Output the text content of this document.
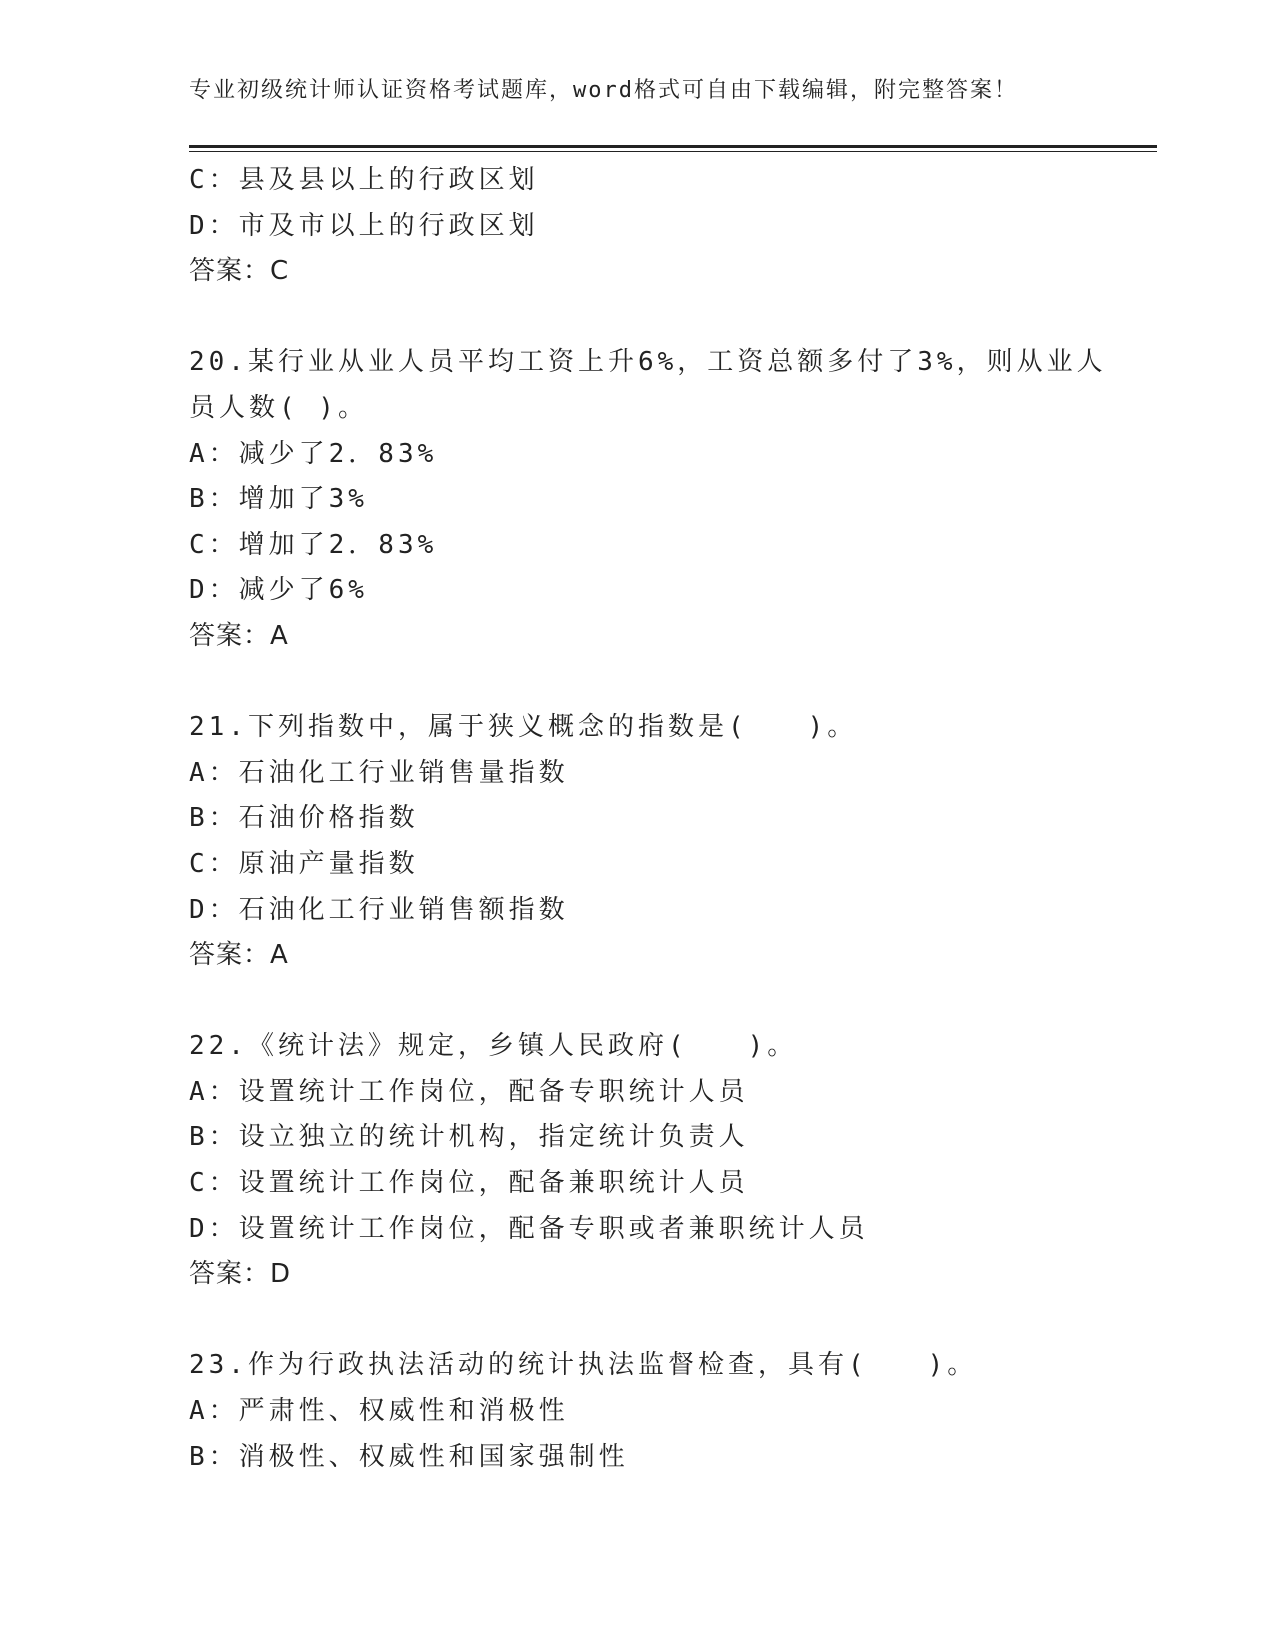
专业初级统计师认证资格考试题库，word格式可自由下载编辑，附完整答案！
C：县及县以上的行政区划
D：市及市以上的行政区划
答案：C
20.某行业从业人员平均工资上升6%，工资总额多付了3%，则从业人
员人数( )。
A：减少了2．83%
B：增加了3%
C：增加了2．83%
D：减少了6%
答案：A
21.下列指数中，属于狭义概念的指数是(　　)。
A：石油化工行业销售量指数
B：石油价格指数
C：原油产量指数
D：石油化工行业销售额指数
答案：A
22.《统计法》规定，乡镇人民政府(　　)。
A：设置统计工作岗位，配备专职统计人员
B：设立独立的统计机构，指定统计负责人
C：设置统计工作岗位，配备兼职统计人员
D：设置统计工作岗位，配备专职或者兼职统计人员
答案：D
23.作为行政执法活动的统计执法监督检查，具有(　　)。
A：严肃性、权威性和消极性
B：消极性、权威性和国家强制性
